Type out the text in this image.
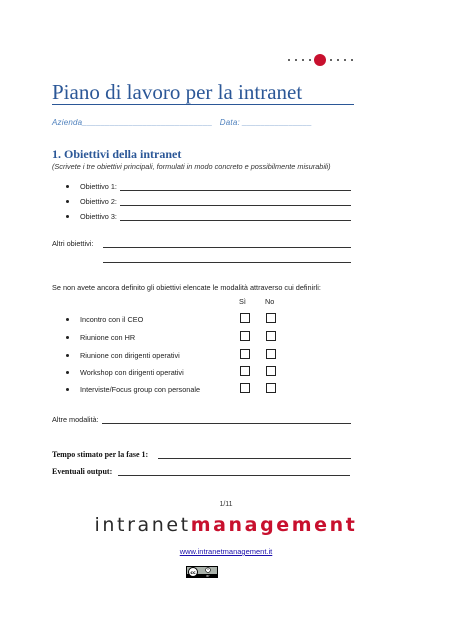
Piano di lavoro per la intranet
Azienda____________________________ Data: _______________
1. Obiettivi della intranet
(Scrivete i tre obiettivi principali, formulati in modo concreto e possibilmente misurabili)
Obiettivo 1:
Obiettivo 2:
Obiettivo 3:
Altri obiettivi:
Se non avete ancora definito gli obiettivi elencate le modalità attraverso cui definirli:
Sì	No
Incontro con il CEO
Riunione con HR
Riunione con dirigenti operativi
Workshop con dirigenti operativi
Interviste/Focus group con personale
Altre modalità:
Tempo stimato per la fase 1:
Eventuali output:
1/11
intranetmanagement
www.intranetmanagement.it
cc
BY
